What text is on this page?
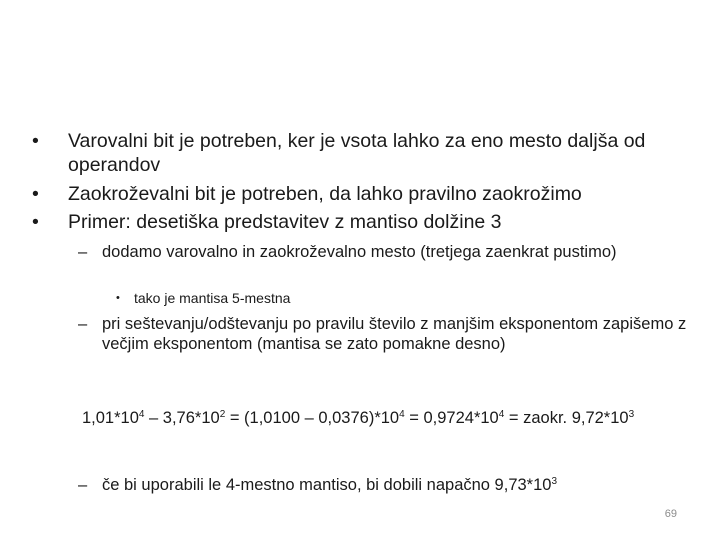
• Varovalni bit je potreben, ker je vsota lahko za eno mesto daljša od operandov
• Zaokroževalni bit je potreben, da lahko pravilno zaokrožimo
• Primer: desetiška predstavitev z mantiso dolžine 3
– dodamo varovalno in zaokroževalno mesto (tretjega zaenkrat pustimo)
• tako je mantisa 5-mestna
– pri seštevanju/odštevanju po pravilu število z manjšim eksponentom zapišemo z večjim eksponentom (mantisa se zato pomakne desno)
$1,01*10^4 - 3,76*10^2 = (1,0100 - 0,0376)*10^4 = 0,9724*10^4$ = zaokr. $9,72*10^3$
– če bi uporabili le 4-mestno mantiso, bi dobili napačno $9,73*10^3$
69
